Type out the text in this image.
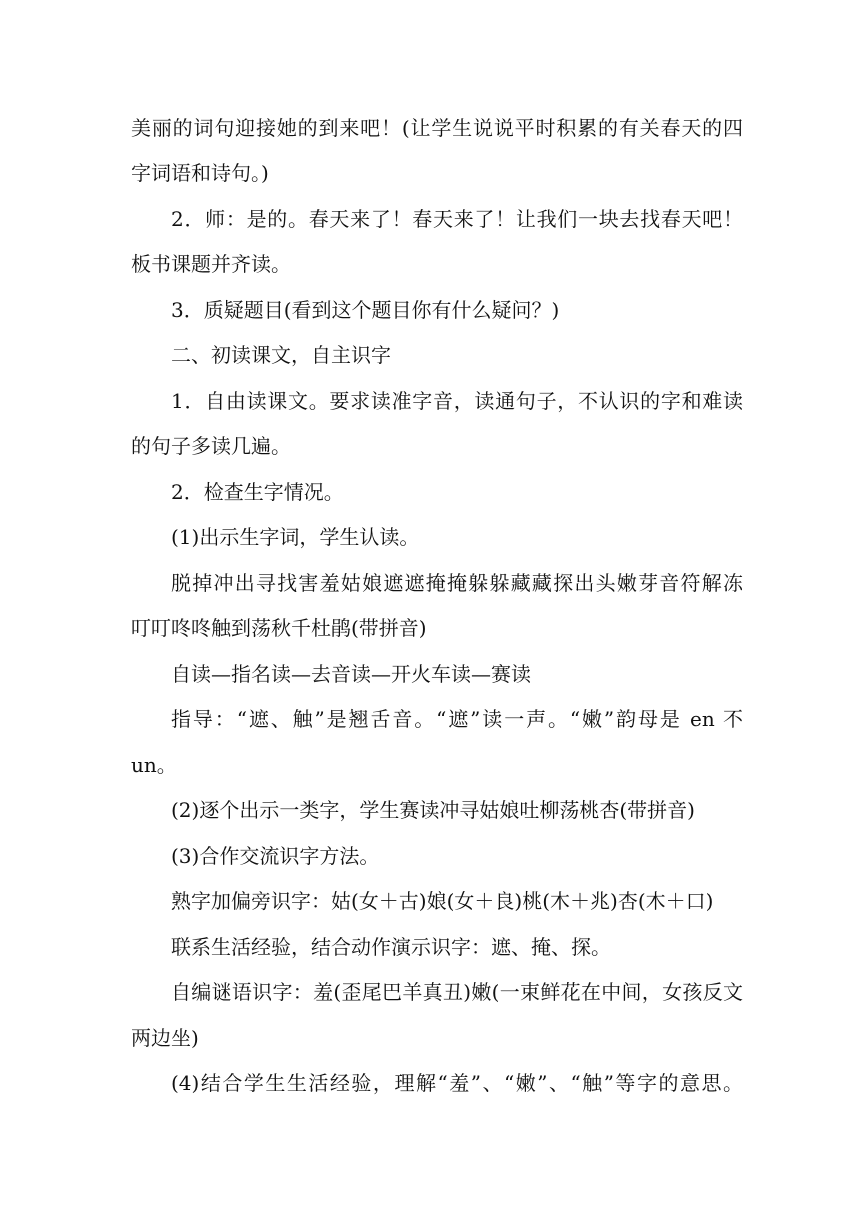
美丽的词句迎接她的到来吧！(让学生说说平时积累的有关春天的四
字词语和诗句。)
2．师：是的。春天来了！春天来了！让我们一块去找春天吧！
板书课题并齐读。
3．质疑题目(看到这个题目你有什么疑问？)
二、初读课文，自主识字
1．自由读课文。要求读准字音，读通句子，不认识的字和难读
的句子多读几遍。
2．检查生字情况。
(1)出示生字词，学生认读。
脱掉冲出寻找害羞姑娘遮遮掩掩躲躲藏藏探出头嫩芽音符解冻
叮叮咚咚触到荡秋千杜鹃(带拼音)
自读—指名读—去音读—开火车读—赛读
指导：“遮、触”是翘舌音。“遮”读一声。“嫩”韵母是 en 不
un。
(2)逐个出示一类字，学生赛读冲寻姑娘吐柳荡桃杏(带拼音)
(3)合作交流识字方法。
熟字加偏旁识字：姑(女＋古)娘(女＋良)桃(木＋兆)杏(木＋口)
联系生活经验，结合动作演示识字：遮、掩、探。
自编谜语识字：羞(歪尾巴羊真丑)嫩(一束鲜花在中间，女孩反文
两边坐)
(4)结合学生生活经验，理解“羞”、“嫩”、“触”等字的意思。
